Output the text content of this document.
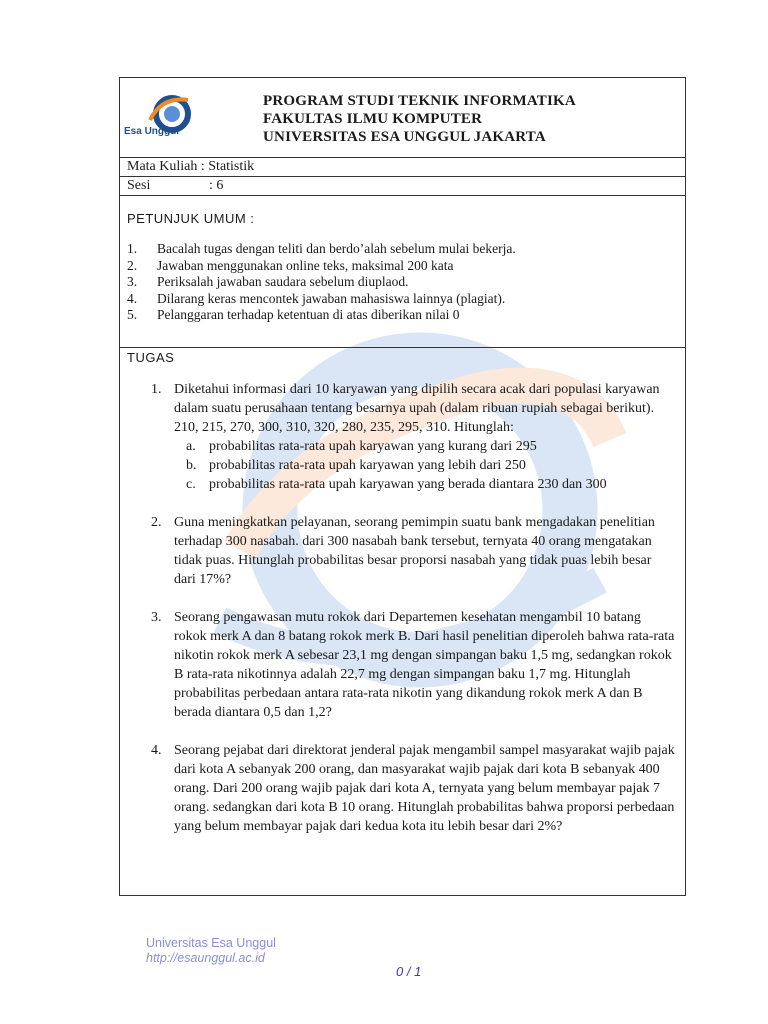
Esa Unggul
PROGRAM STUDI TEKNIK INFORMATIKA
FAKULTAS ILMU KOMPUTER
UNIVERSITAS ESA UNGGUL JAKARTA
Mata Kuliah : Statistik
Sesi	: 6
PETUNJUK UMUM :
1. Bacalah tugas dengan teliti dan berdo’alah sebelum mulai bekerja.
2. Jawaban menggunakan online teks, maksimal 200 kata
3. Periksalah jawaban saudara sebelum diuplaod.
4. Dilarang keras mencontek jawaban mahasiswa lainnya (plagiat).
5. Pelanggaran terhadap ketentuan di atas diberikan nilai 0
TUGAS
1. Diketahui informasi dari 10 karyawan yang dipilih secara acak dari populasi karyawan dalam suatu perusahaan tentang besarnya upah (dalam ribuan rupiah sebagai berikut). 210, 215, 270, 300, 310, 320, 280, 235, 295, 310. Hitunglah:
a. probabilitas rata-rata upah karyawan yang kurang dari 295
b. probabilitas rata-rata upah karyawan yang lebih dari 250
c. probabilitas rata-rata upah karyawan yang berada diantara 230 dan 300
2. Guna meningkatkan pelayanan, seorang pemimpin suatu bank mengadakan penelitian terhadap 300 nasabah. dari 300 nasabah bank tersebut, ternyata 40 orang mengatakan tidak puas. Hitunglah probabilitas besar proporsi nasabah yang tidak puas lebih besar dari 17%?
3. Seorang pengawasan mutu rokok dari Departemen kesehatan mengambil 10 batang rokok merk A dan 8 batang rokok merk B. Dari hasil penelitian diperoleh bahwa rata-rata nikotin rokok merk A sebesar 23,1 mg dengan simpangan baku 1,5 mg, sedangkan rokok B rata-rata nikotinnya adalah 22,7 mg dengan simpangan baku 1,7 mg. Hitunglah probabilitas perbedaan antara rata-rata nikotin yang dikandung rokok merk A dan B berada diantara 0,5 dan 1,2?
4. Seorang pejabat dari direktorat jenderal pajak mengambil sampel masyarakat wajib pajak dari kota A sebanyak 200 orang, dan masyarakat wajib pajak dari kota B sebanyak 400 orang. Dari 200 orang wajib pajak dari kota A, ternyata yang belum membayar pajak 7 orang. sedangkan dari kota B 10 orang. Hitunglah probabilitas bahwa proporsi perbedaan yang belum membayar pajak dari kedua kota itu lebih besar dari 2%?
Universitas Esa Unggul
http://esaunggul.ac.id
0 / 1
